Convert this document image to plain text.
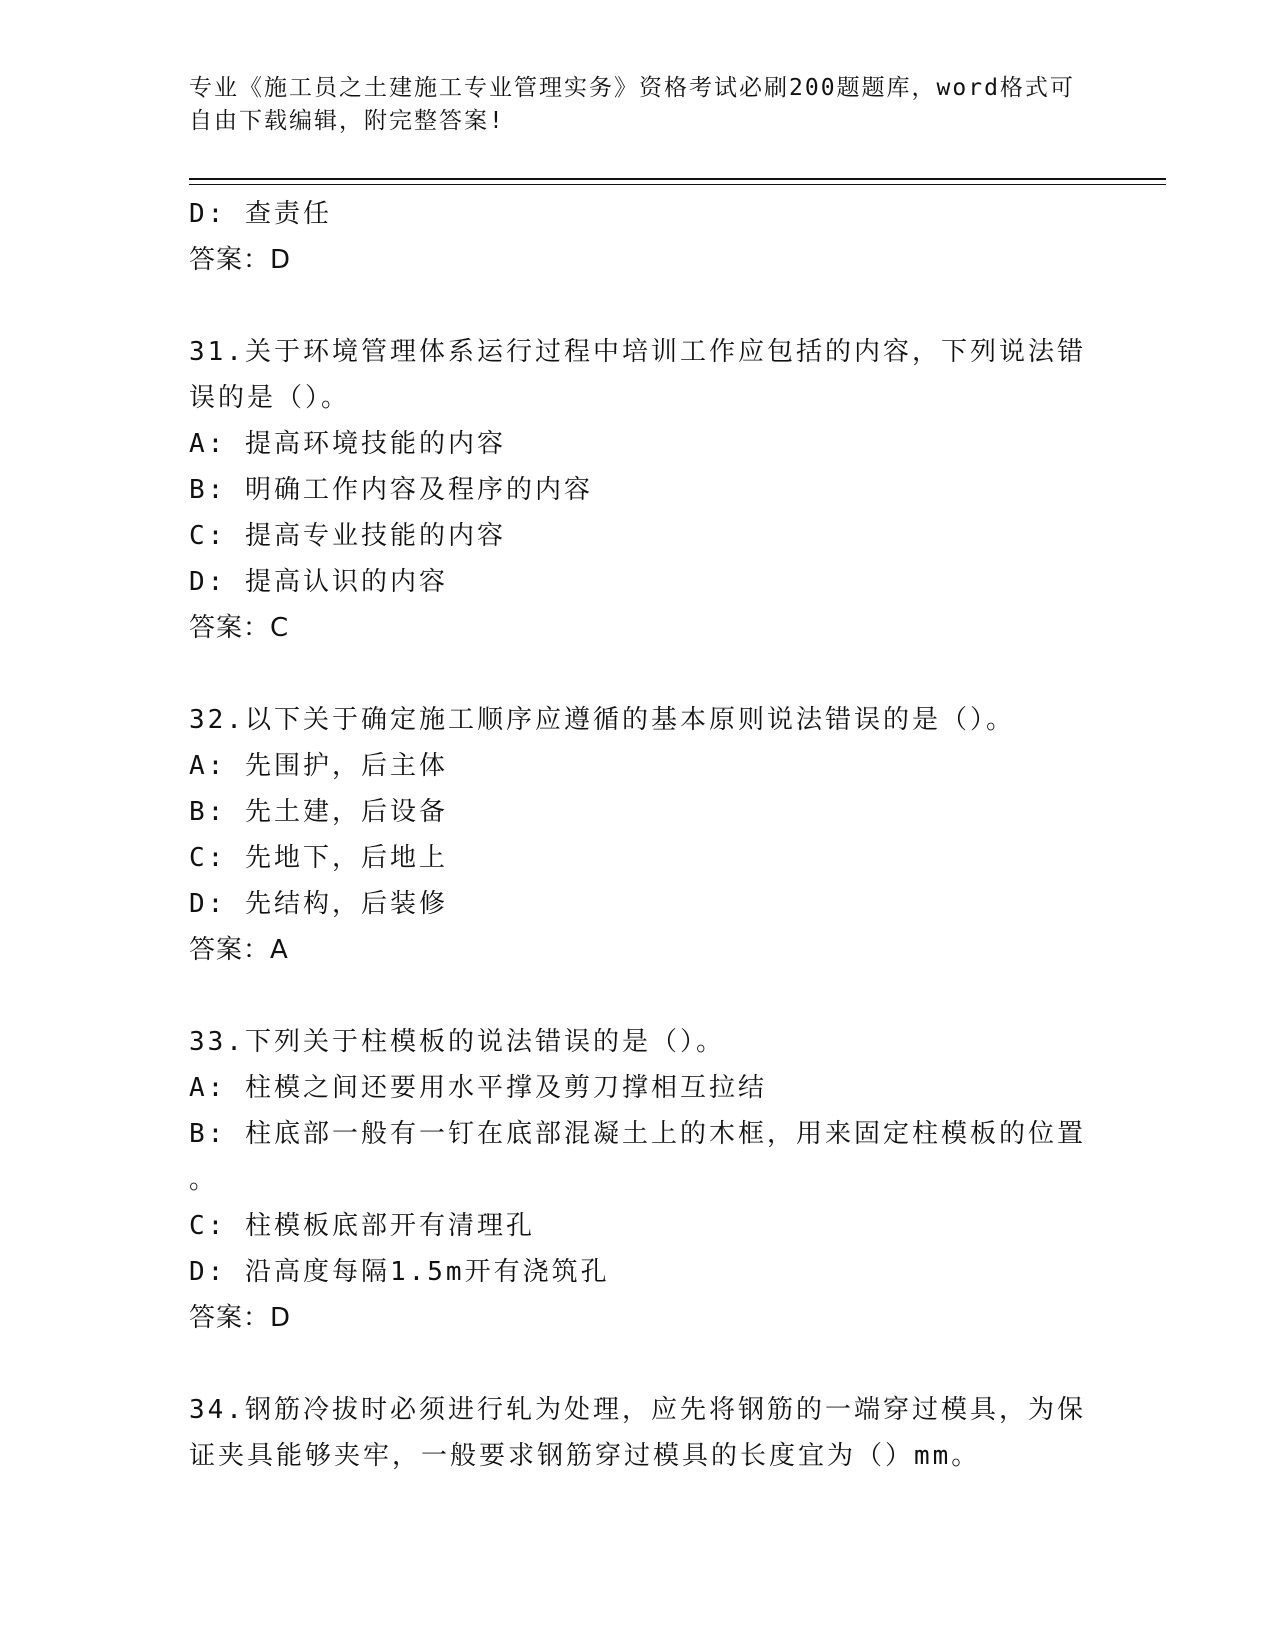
专业《施工员之土建施工专业管理实务》资格考试必刷200题题库，word格式可
自由下载编辑，附完整答案!
D: 查责任
答案：D
31.关于环境管理体系运行过程中培训工作应包括的内容，下列说法错
误的是（）。
A: 提高环境技能的内容
B: 明确工作内容及程序的内容
C: 提高专业技能的内容
D: 提高认识的内容
答案：C
32.以下关于确定施工顺序应遵循的基本原则说法错误的是（）。
A: 先围护，后主体
B: 先土建，后设备
C: 先地下，后地上
D: 先结构，后装修
答案：A
33.下列关于柱模板的说法错误的是（）。
A: 柱模之间还要用水平撑及剪刀撑相互拉结
B: 柱底部一般有一钉在底部混凝土上的木框，用来固定柱模板的位置
。
C: 柱模板底部开有清理孔
D: 沿高度每隔1.5m开有浇筑孔
答案：D
34.钢筋冷拔时必须进行轧为处理，应先将钢筋的一端穿过模具，为保
证夹具能够夹牢，一般要求钢筋穿过模具的长度宜为（）mm。
